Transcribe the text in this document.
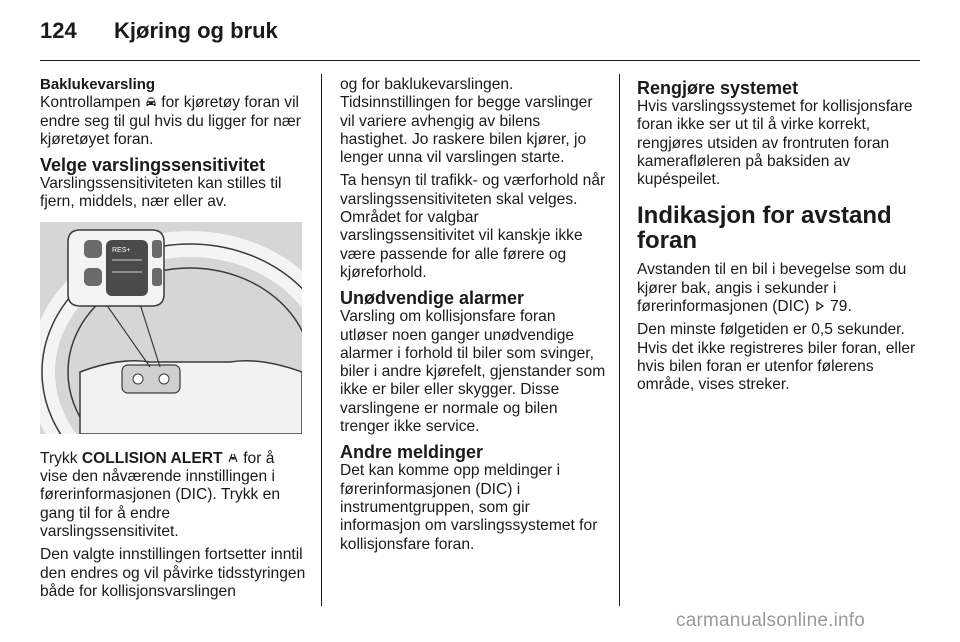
124 Kjøring og bruk
Baklukevarsling

Kontrollampen for kjøretøy foran vil endre seg til gul hvis du ligger for nær kjøretøyet foran.

Velge varslingssensitivitet

Varslingssensitiviteten kan stilles til fjern, middels, nær eller av.

RES+

Trykk COLLISION ALERT for å vise den nåværende innstillingen i førerinformasjonen (DIC). Trykk en gang til for å endre varslingssensitivitet.

Den valgte innstillingen fortsetter inntil den endres og vil påvirke tidsstyringen både for kollisjonsvarslingen

og for baklukevarslingen. Tidsinnstillingen for begge varslinger vil variere avhengig av bilens hastighet. Jo raskere bilen kjører, jo lenger unna vil varslingen starte.

Ta hensyn til trafikk- og værforhold når varslingssensitiviteten skal velges. Området for valgbar varslingssensitivitet vil kanskje ikke være passende for alle førere og kjøreforhold.

Unødvendige alarmer

Varsling om kollisjonsfare foran utløser noen ganger unødvendige alarmer i forhold til biler som svinger, biler i andre kjørefelt, gjenstander som ikke er biler eller skygger. Disse varslingene er normale og bilen trenger ikke service.

Andre meldinger

Det kan komme opp meldinger i førerinformasjonen (DIC) i instrumentgruppen, som gir informasjon om varslingssystemet for kollisjonsfare foran.

Rengjøre systemet

Hvis varslingssystemet for kollisjonsfare foran ikke ser ut til å virke korrekt, rengjøres utsiden av frontruten foran kamerafløleren på baksiden av kupéspeilet.

Indikasjon for avstand foran

Avstanden til en bil i bevegelse som du kjører bak, angis i sekunder i førerinformasjonen (DIC) 79.

Den minste følgetiden er 0,5 sekunder. Hvis det ikke registreres biler foran, eller hvis bilen foran er utenfor følerens område, vises streker.

carmanualsonline.info
